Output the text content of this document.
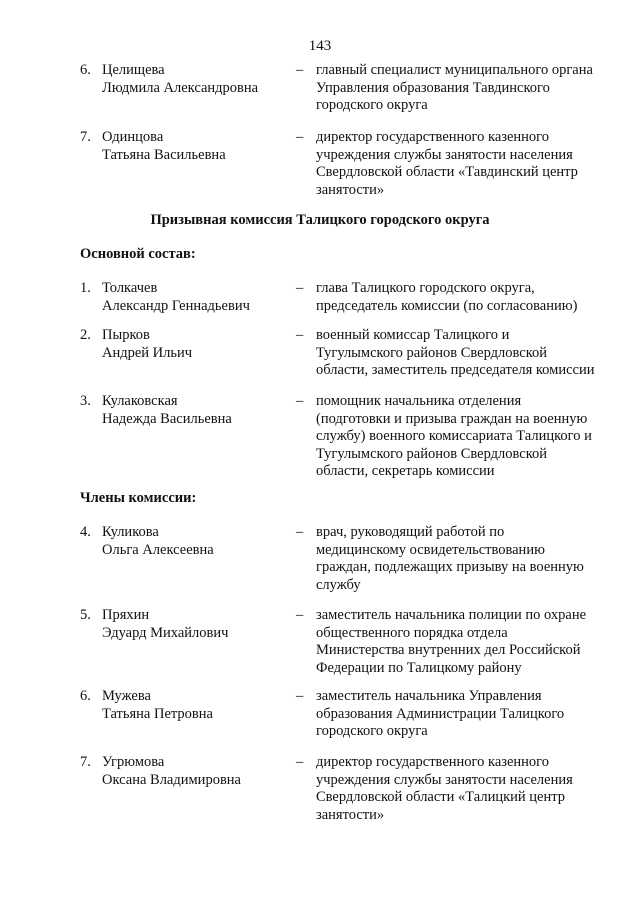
143
6. Целищева
Людмила Александровна
– главный специалист муниципального органа
Управления образования Тавдинского
городского округа
7. Одинцова
Татьяна Васильевна
– директор государственного казенного
учреждения службы занятости населения
Свердловской области «Тавдинский центр
занятости»
Призывная комиссия Талицкого городского округа
Основной состав:
1. Толкачев
Александр Геннадьевич
– глава Талицкого городского округа,
председатель комиссии (по согласованию)
2. Пырков
Андрей Ильич
– военный комиссар Талицкого и
Тугулымского районов Свердловской
области, заместитель председателя комиссии
3. Кулаковская
Надежда Васильевна
– помощник начальника отделения
(подготовки и призыва граждан на военную
службу) военного комиссариата Талицкого и
Тугулымского районов Свердловской
области, секретарь комиссии
Члены комиссии:
4. Куликова
Ольга Алексеевна
– врач, руководящий работой по
медицинскому освидетельствованию
граждан, подлежащих призыву на военную
службу
5. Пряхин
Эдуард Михайлович
– заместитель начальника полиции по охране
общественного порядка отдела
Министерства внутренних дел Российской
Федерации по Талицкому району
6. Мужева
Татьяна Петровна
– заместитель начальника Управления
образования Администрации Талицкого
городского округа
7. Угрюмова
Оксана Владимировна
– директор государственного казенного
учреждения службы занятости населения
Свердловской области «Талицкий центр
занятости»
